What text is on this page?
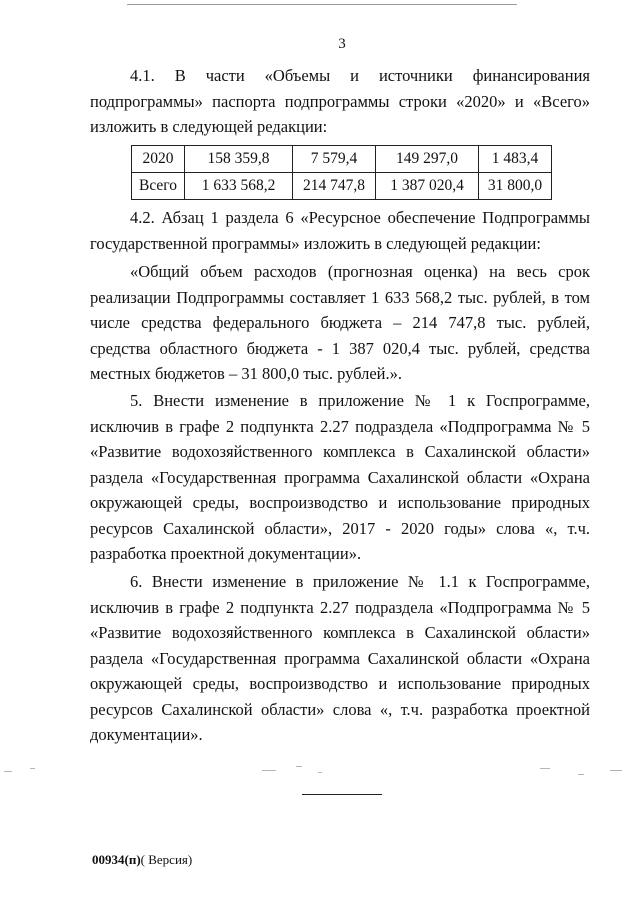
3
4.1. В части «Объемы и источники финансирования подпрограммы» паспорта подпрограммы строки «2020» и «Всего» изложить в следующей редакции:
2020	158 359,8	7 579,4	149 297,0	1 483,4
Всего	1 633 568,2	214 747,8	1 387 020,4	31 800,0
4.2. Абзац 1 раздела 6 «Ресурсное обеспечение Подпрограммы государственной программы» изложить в следующей редакции:
«Общий объем расходов (прогнозная оценка) на весь срок реализации Подпрограммы составляет 1 633 568,2 тыс. рублей, в том числе средства федерального бюджета – 214 747,8 тыс. рублей, средства областного бюджета - 1 387 020,4 тыс. рублей, средства местных бюджетов – 31 800,0 тыс. рублей.».
5. Внести изменение в приложение № 1 к Госпрограмме, исключив в графе 2 подпункта 2.27 подраздела «Подпрограмма № 5 «Развитие водохозяйственного комплекса в Сахалинской области» раздела «Государственная программа Сахалинской области «Охрана окружающей среды, воспроизводство и использование природных ресурсов Сахалинской области», 2017 - 2020 годы» слова «, т.ч. разработка проектной документации».
6. Внести изменение в приложение № 1.1 к Госпрограмме, исключив в графе 2 подпункта 2.27 подраздела «Подпрограмма № 5 «Развитие водохозяйственного комплекса в Сахалинской области» раздела «Государственная программа Сахалинской области «Охрана окружающей среды, воспроизводство и использование природных ресурсов Сахалинской области» слова «, т.ч. разработка проектной документации».
00934(п)( Версия)
